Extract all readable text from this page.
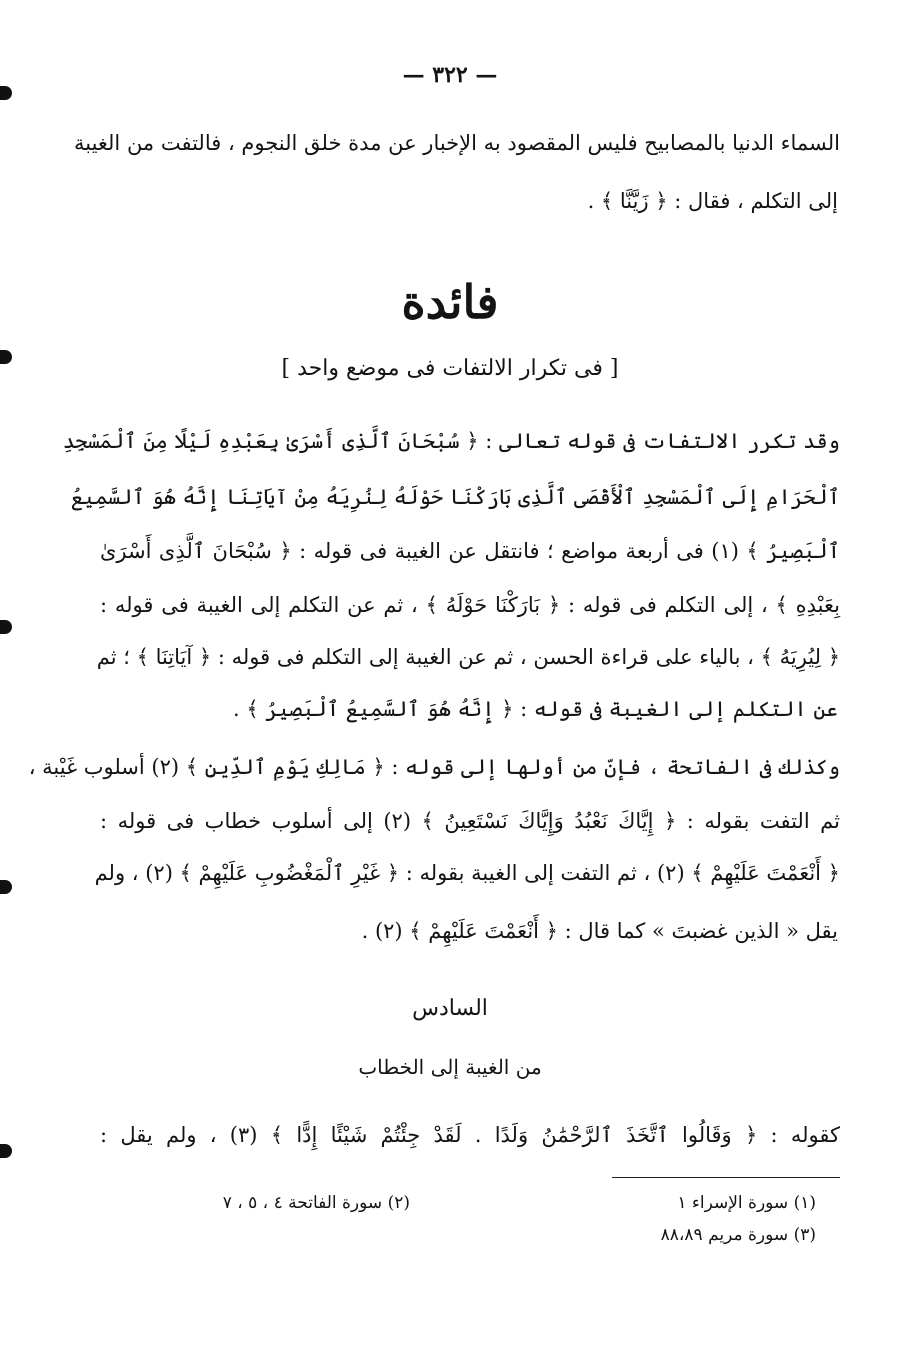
— ٣٢٢ —
السماء الدنيا بالمصابيح فليس المقصود به الإخبار عن مدة خلق النجوم ، فالتفت من الغيبة
إلى التكلم ، فقال : ﴿ زَيَّنَّا ﴾ .
فائدة
[ فى تكرار الالتفات فى موضع واحد ]
وقد تكرر الالتفات فى قوله تعالى : ﴿ سُبْحَانَ ٱلَّذِى أَسْرَىٰ بِعَبْدِهِ لَيْلًا مِنَ ٱلْمَسْجِدِ
ٱلْحَرَامِ إِلَى ٱلْمَسْجِدِ ٱلْأَقْصَى ٱلَّذِى بَارَكْنَا حَوْلَهُ لِنُرِيَهُ مِنْ آيَاتِنَا إِنَّهُ هُوَ ٱلسَّمِيعُ
ٱلْبَصِيرُ ﴾ (١) فى أربعة مواضع ؛ فانتقل عن الغيبة فى قوله : ﴿ سُبْحَانَ ٱلَّذِى أَسْرَىٰ
بِعَبْدِهِ ﴾ ، إلى التكلم فى قوله : ﴿ بَارَكْنَا حَوْلَهُ ﴾ ، ثم عن التكلم إلى الغيبة فى قوله :
﴿ لِيُرِيَهُ ﴾ ، بالياء على قراءة الحسن ، ثم عن الغيبة إلى التكلم فى قوله : ﴿ آيَاتِنَا ﴾ ؛ ثم
عن التكلم إلى الغيبة فى قوله : ﴿ إِنَّهُ هُوَ ٱلسَّمِيعُ ٱلْبَصِيرُ ﴾ .
وكذلك فى الفاتحة ، فإنّ من أولها إلى قوله : ﴿ مَالِكِ يَوْمِ ٱلدِّينِ ﴾ (٢) أسلوب غَيْبة ،
ثم التفت بقوله : ﴿ إِيَّاكَ نَعْبُدُ وَإِيَّاكَ نَسْتَعِينُ ﴾ (٢) إلى أسلوب خطاب فى قوله :
﴿ أَنْعَمْتَ عَلَيْهِمْ ﴾ (٢) ، ثم التفت إلى الغيبة بقوله : ﴿ غَيْرِ ٱلْمَغْضُوبِ عَلَيْهِمْ ﴾ (٢) ، ولم
يقل « الذين غضبتَ » كما قال : ﴿ أَنْعَمْتَ عَلَيْهِمْ ﴾ (٢) .
السادس
من الغيبة إلى الخطاب
كقوله : ﴿ وَقَالُوا ٱتَّخَذَ ٱلرَّحْمَٰنُ وَلَدًا . لَقَدْ جِئْتُمْ شَيْئًا إِدًّا ﴾ (٣) ، ولم يقل :
(١) سورة الإسراء ١
(٢) سورة الفاتحة ٤ ، ٥ ، ٧
(٣) سورة مريم ٨٨،٨٩
